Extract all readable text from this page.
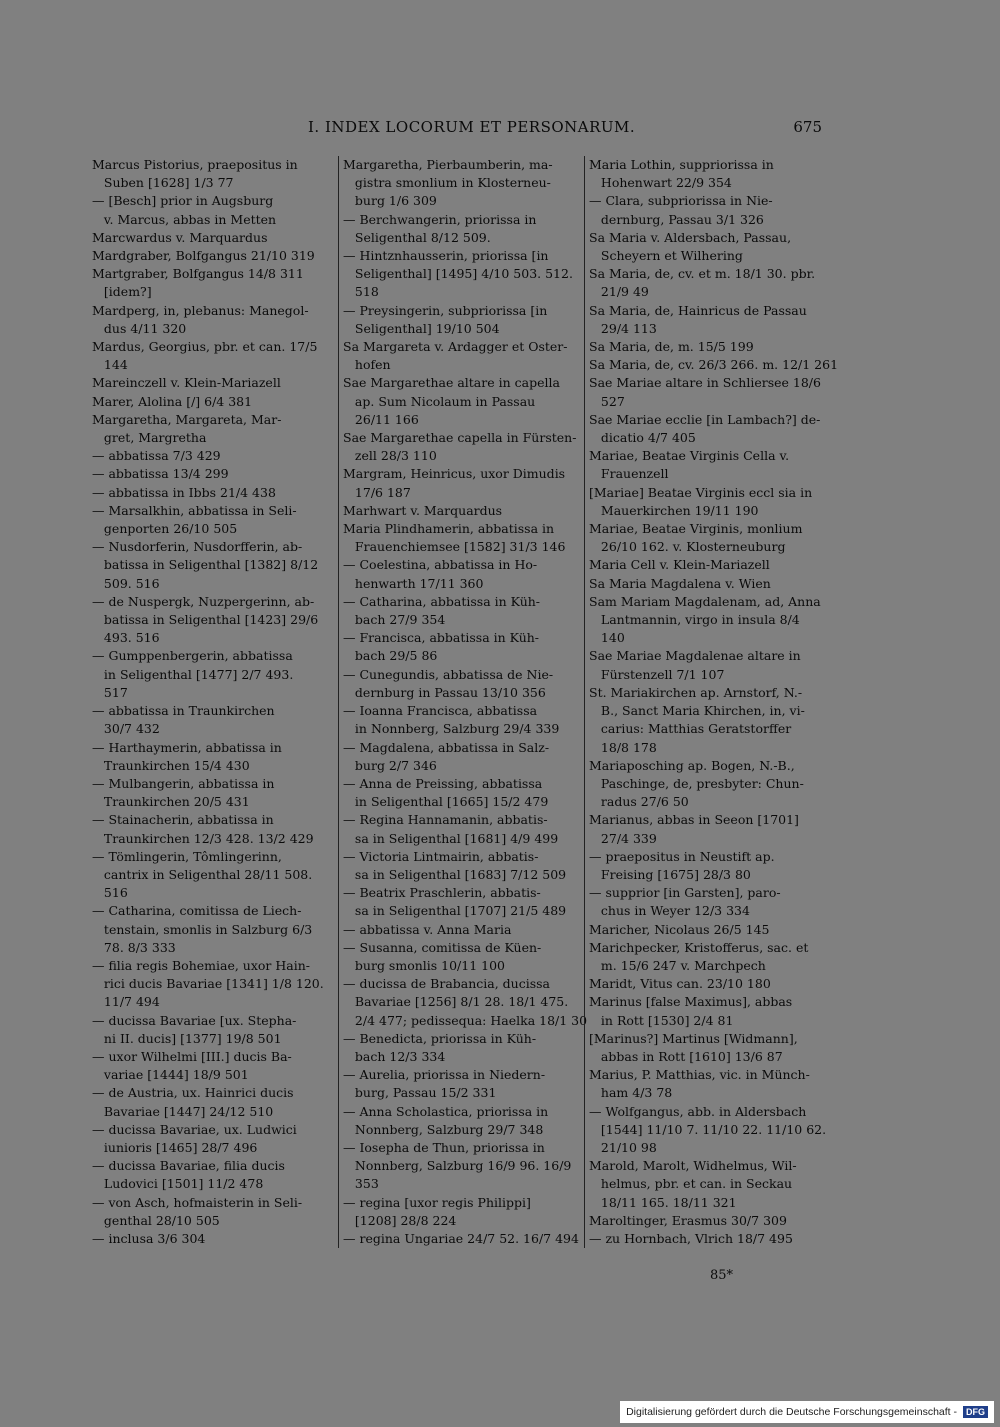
I. INDEX LOCORUM ET PERSONARUM.	675
Marcus Pistorius, praepositus in
Suben [1628] 1/3 77
— [Besch] prior in Augsburg
v. Marcus, abbas in Metten
Marcwardus v. Marquardus
Mardgraber, Bolfgangus 21/10 319
Martgraber, Bolfgangus 14/8 311
[idem?]
Mardperg, in, plebanus: Manegol-
dus 4/11 320
Mardus, Georgius, pbr. et can. 17/5
144
Mareinczell v. Klein-Mariazell
Marer, Alolina [/] 6/4 381
Margaretha, Margareta, Mar-
gret, Margretha
— abbatissa 7/3 429
— abbatissa 13/4 299
— abbatissa in Ibbs 21/4 438
— Marsalkhin, abbatissa in Seli-
genporten 26/10 505
— Nusdorferin, Nusdorfferin, ab-
batissa in Seligenthal [1382] 8/12
509. 516
— de Nuspergk, Nuzpergerinn, ab-
batissa in Seligenthal [1423] 29/6
493. 516
— Gumppenbergerin, abbatissa
in Seligenthal [1477] 2/7 493.
517
— abbatissa in Traunkirchen
30/7 432
— Harthaymerin, abbatissa in
Traunkirchen 15/4 430
— Mulbangerin, abbatissa in
Traunkirchen 20/5 431
— Stainacherin, abbatissa in
Traunkirchen 12/3 428. 13/2 429
— Tömlingerin, Tômlingerinn,
cantrix in Seligenthal 28/11 508.
516
— Catharina, comitissa de Liech-
tenstain, smonlis in Salzburg 6/3
78. 8/3 333
— filia regis Bohemiae, uxor Hain-
rici ducis Bavariae [1341] 1/8 120.
11/7 494
— ducissa Bavariae [ux. Stepha-
ni II. ducis] [1377] 19/8 501
— uxor Wilhelmi [III.] ducis Ba-
variae [1444] 18/9 501
— de Austria, ux. Hainrici ducis
Bavariae [1447] 24/12 510
— ducissa Bavariae, ux. Ludwici
iunioris [1465] 28/7 496
— ducissa Bavariae, filia ducis
Ludovici [1501] 11/2 478
— von Asch, hofmaisterin in Seli-
genthal 28/10 505
— inclusa 3/6 304
Margaretha, Pierbaumberin, ma-
gistra smonlium in Klosterneu-
burg 1/6 309
— Berchwangerin, priorissa in
Seligenthal 8/12 509.
— Hintznhausserin, priorissa [in
Seligenthal] [1495] 4/10 503. 512.
518
— Preysingerin, subpriorissa [in
Seligenthal] 19/10 504
Sa Margareta v. Ardagger et Oster-
hofen
Sae Margarethae altare in capella
ap. Sum Nicolaum in Passau
26/11 166
Sae Margarethae capella in Fürsten-
zell 28/3 110
Margram, Heinricus, uxor Dimudis
17/6 187
Marhwart v. Marquardus
Maria Plindhamerin, abbatissa in
Frauenchiemsee [1582] 31/3 146
— Coelestina, abbatissa in Ho-
henwarth 17/11 360
— Catharina, abbatissa in Küh-
bach 27/9 354
— Francisca, abbatissa in Küh-
bach 29/5 86
— Cunegundis, abbatissa de Nie-
dernburg in Passau 13/10 356
— Ioanna Francisca, abbatissa
in Nonnberg, Salzburg 29/4 339
— Magdalena, abbatissa in Salz-
burg 2/7 346
— Anna de Preissing, abbatissa
in Seligenthal [1665] 15/2 479
— Regina Hannamanin, abbatis-
sa in Seligenthal [1681] 4/9 499
— Victoria Lintmairin, abbatis-
sa in Seligenthal [1683] 7/12 509
— Beatrix Praschlerin, abbatis-
sa in Seligenthal [1707] 21/5 489
— abbatissa v. Anna Maria
— Susanna, comitissa de Küen-
burg smonlis 10/11 100
— ducissa de Brabancia, ducissa
Bavariae [1256] 8/1 28. 18/1 475.
2/4 477; pedissequa: Haelka 18/1 30
— Benedicta, priorissa in Küh-
bach 12/3 334
— Aurelia, priorissa in Niedern-
burg, Passau 15/2 331
— Anna Scholastica, priorissa in
Nonnberg, Salzburg 29/7 348
— Iosepha de Thun, priorissa in
Nonnberg, Salzburg 16/9 96. 16/9
353
— regina [uxor regis Philippi]
[1208] 28/8 224
— regina Ungariae 24/7 52. 16/7 494
Maria Lothin, suppriorissa in
Hohenwart 22/9 354
— Clara, subpriorissa in Nie-
dernburg, Passau 3/1 326
Sa Maria v. Aldersbach, Passau,
Scheyern et Wilhering
Sa Maria, de, cv. et m. 18/1 30. pbr.
21/9 49
Sa Maria, de, Hainricus de Passau
29/4 113
Sa Maria, de, m. 15/5 199
Sa Maria, de, cv. 26/3 266. m. 12/1 261
Sae Mariae altare in Schliersee 18/6
527
Sae Mariae ecclie [in Lambach?] de-
dicatio 4/7 405
Mariae, Beatae Virginis Cella v.
Frauenzell
[Mariae] Beatae Virginis eccl sia in
Mauerkirchen 19/11 190
Mariae, Beatae Virginis, monlium
26/10 162. v. Klosterneuburg
Maria Cell v. Klein-Mariazell
Sa Maria Magdalena v. Wien
Sam Mariam Magdalenam, ad, Anna
Lantmannin, virgo in insula 8/4
140
Sae Mariae Magdalenae altare in
Fürstenzell 7/1 107
St. Mariakirchen ap. Arnstorf, N.-
B., Sanct Maria Khirchen, in, vi-
carius: Matthias Geratstorffer
18/8 178
Mariaposching ap. Bogen, N.-B.,
Paschinge, de, presbyter: Chun-
radus 27/6 50
Marianus, abbas in Seeon [1701]
27/4 339
— praepositus in Neustift ap.
Freising [1675] 28/3 80
— supprior [in Garsten], paro-
chus in Weyer 12/3 334
Maricher, Nicolaus 26/5 145
Marichpecker, Kristofferus, sac. et
m. 15/6 247 v. Marchpech
Maridt, Vitus can. 23/10 180
Marinus [false Maximus], abbas
in Rott [1530] 2/4 81
[Marinus?] Martinus [Widmann],
abbas in Rott [1610] 13/6 87
Marius, P. Matthias, vic. in Münch-
ham 4/3 78
— Wolfgangus, abb. in Aldersbach
[1544] 11/10 7. 11/10 22. 11/10 62.
21/10 98
Marold, Marolt, Widhelmus, Wil-
helmus, pbr. et can. in Seckau
18/11 165. 18/11 321
Maroltinger, Erasmus 30/7 309
— zu Hornbach, Vlrich 18/7 495
85*
Digitalisierung gefördert durch die Deutsche Forschungsgemeinschaft -	DFG
